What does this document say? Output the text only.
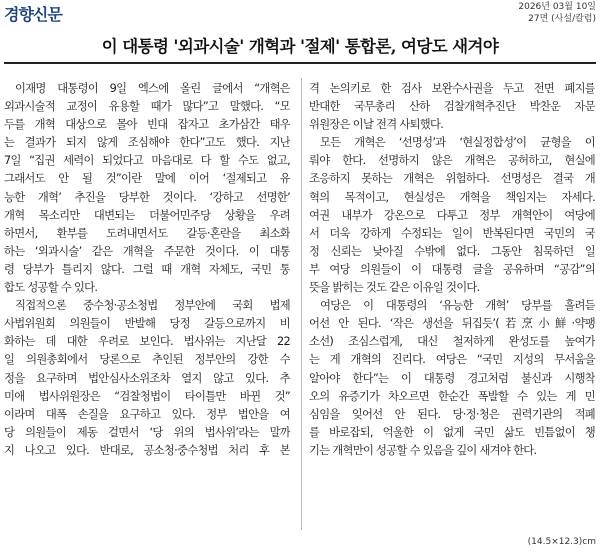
경향신문	2026년 03월 10일
27면 (사설/칼럼)
이 대통령 '외과시술' 개혁과 '절제' 통합론, 여당도 새겨야
이재명 대통령이 9일 엑스에 올린 글에서 “개혁은
외과시술적 교정이 유용할 때가 많다”고 말했다. “모
두를 개혁 대상으로 몰아 빈대 잡자고 초가삼간 태우
는 결과가 되지 않게 조심해야 한다”고도 했다. 지난
7일 “집권 세력이 되었다고 마음대로 다 할 수도 없고,
그래서도 안 될 것”이란 말에 이어 ‘절제되고 유
능한 개혁’ 추진을 당부한 것이다. ‘강하고 선명한’
개혁 목소리만 대변되는 더불어민주당 상황을 우려
하면서, 환부를 도려내면서도 갈등·혼란을 최소화
하는 ‘외과시술’ 같은 개혁을 주문한 것이다. 이 대통
령 당부가 틀리지 않다. 그럴 때 개혁 자체도, 국민 통
합도 성공할 수 있다.
직접적으론 중수청·공소청법 정부안에 국회 법제
사법위원회 의원들이 반발해 당정 갈등으로까지 비
화하는 데 대한 우려로 보인다. 법사위는 지난달 22
일 의원총회에서 당론으로 추인된 정부안의 강한 수
정을 요구하며 법안심사소위조차 열지 않고 있다. 추
미애 법사위원장은 “검찰청법이 타이틀만 바뀐 것”
이라며 대폭 손질을 요구하고 있다. 정부 법안을 여
당 의원들이 제동 걸면서 ‘당 위의 법사위’라는 말까
지 나오고 있다. 반대로, 공소청·중수청법 처리 후 본
격 논의키로 한 검사 보완수사권을 두고 전면 폐지를
반대한 국무총리 산하 검찰개혁추진단 박찬운 자문
위원장은 이날 전격 사퇴했다.
모든 개혁은 ‘선명성’과 ‘현실정합성’이 균형을 이
뤄야 한다. 선명하지 않은 개혁은 공허하고, 현실에
조응하지 못하는 개혁은 위험하다. 선명성은 결국 개
혁의 목적이고, 현실성은 개혁을 책임지는 자세다.
여권 내부가 강온으로 다투고 정부 개혁안이 여당에
서 더욱 강하게 수정되는 일이 반복된다면 국민의 국
정 신뢰는 낮아질 수밖에 없다. 그동안 침묵하던 일
부 여당 의원들이 이 대통령 글을 공유하며 “공감”의
뜻을 밝히는 것도 같은 이유일 것이다.
여당은 이 대통령의 ‘유능한 개혁’ 당부를 흘려듣
어선 안 된다. ‘작은 생선을 뒤집듯’(若烹小鮮·약팽
소선) 조심스럽게, 대신 철저하게 완성도를 높여가
는 게 개혁의 진리다. 여당은 “국민 지성의 무서움을
알아야 한다”는 이 대통령 경고처럼 불신과 시행착
오의 유증기가 차오르면 한순간 폭발할 수 있는 게 민
심임을 잊어선 안 된다. 당·정·청은 권력기관의 적폐
를 바로잡되, 억울한 이 없게 국민 삶도 빈틈없이 챙
기는 개혁만이 성공할 수 있음을 깊이 새겨야 한다.
(14.5×12.3)cm
